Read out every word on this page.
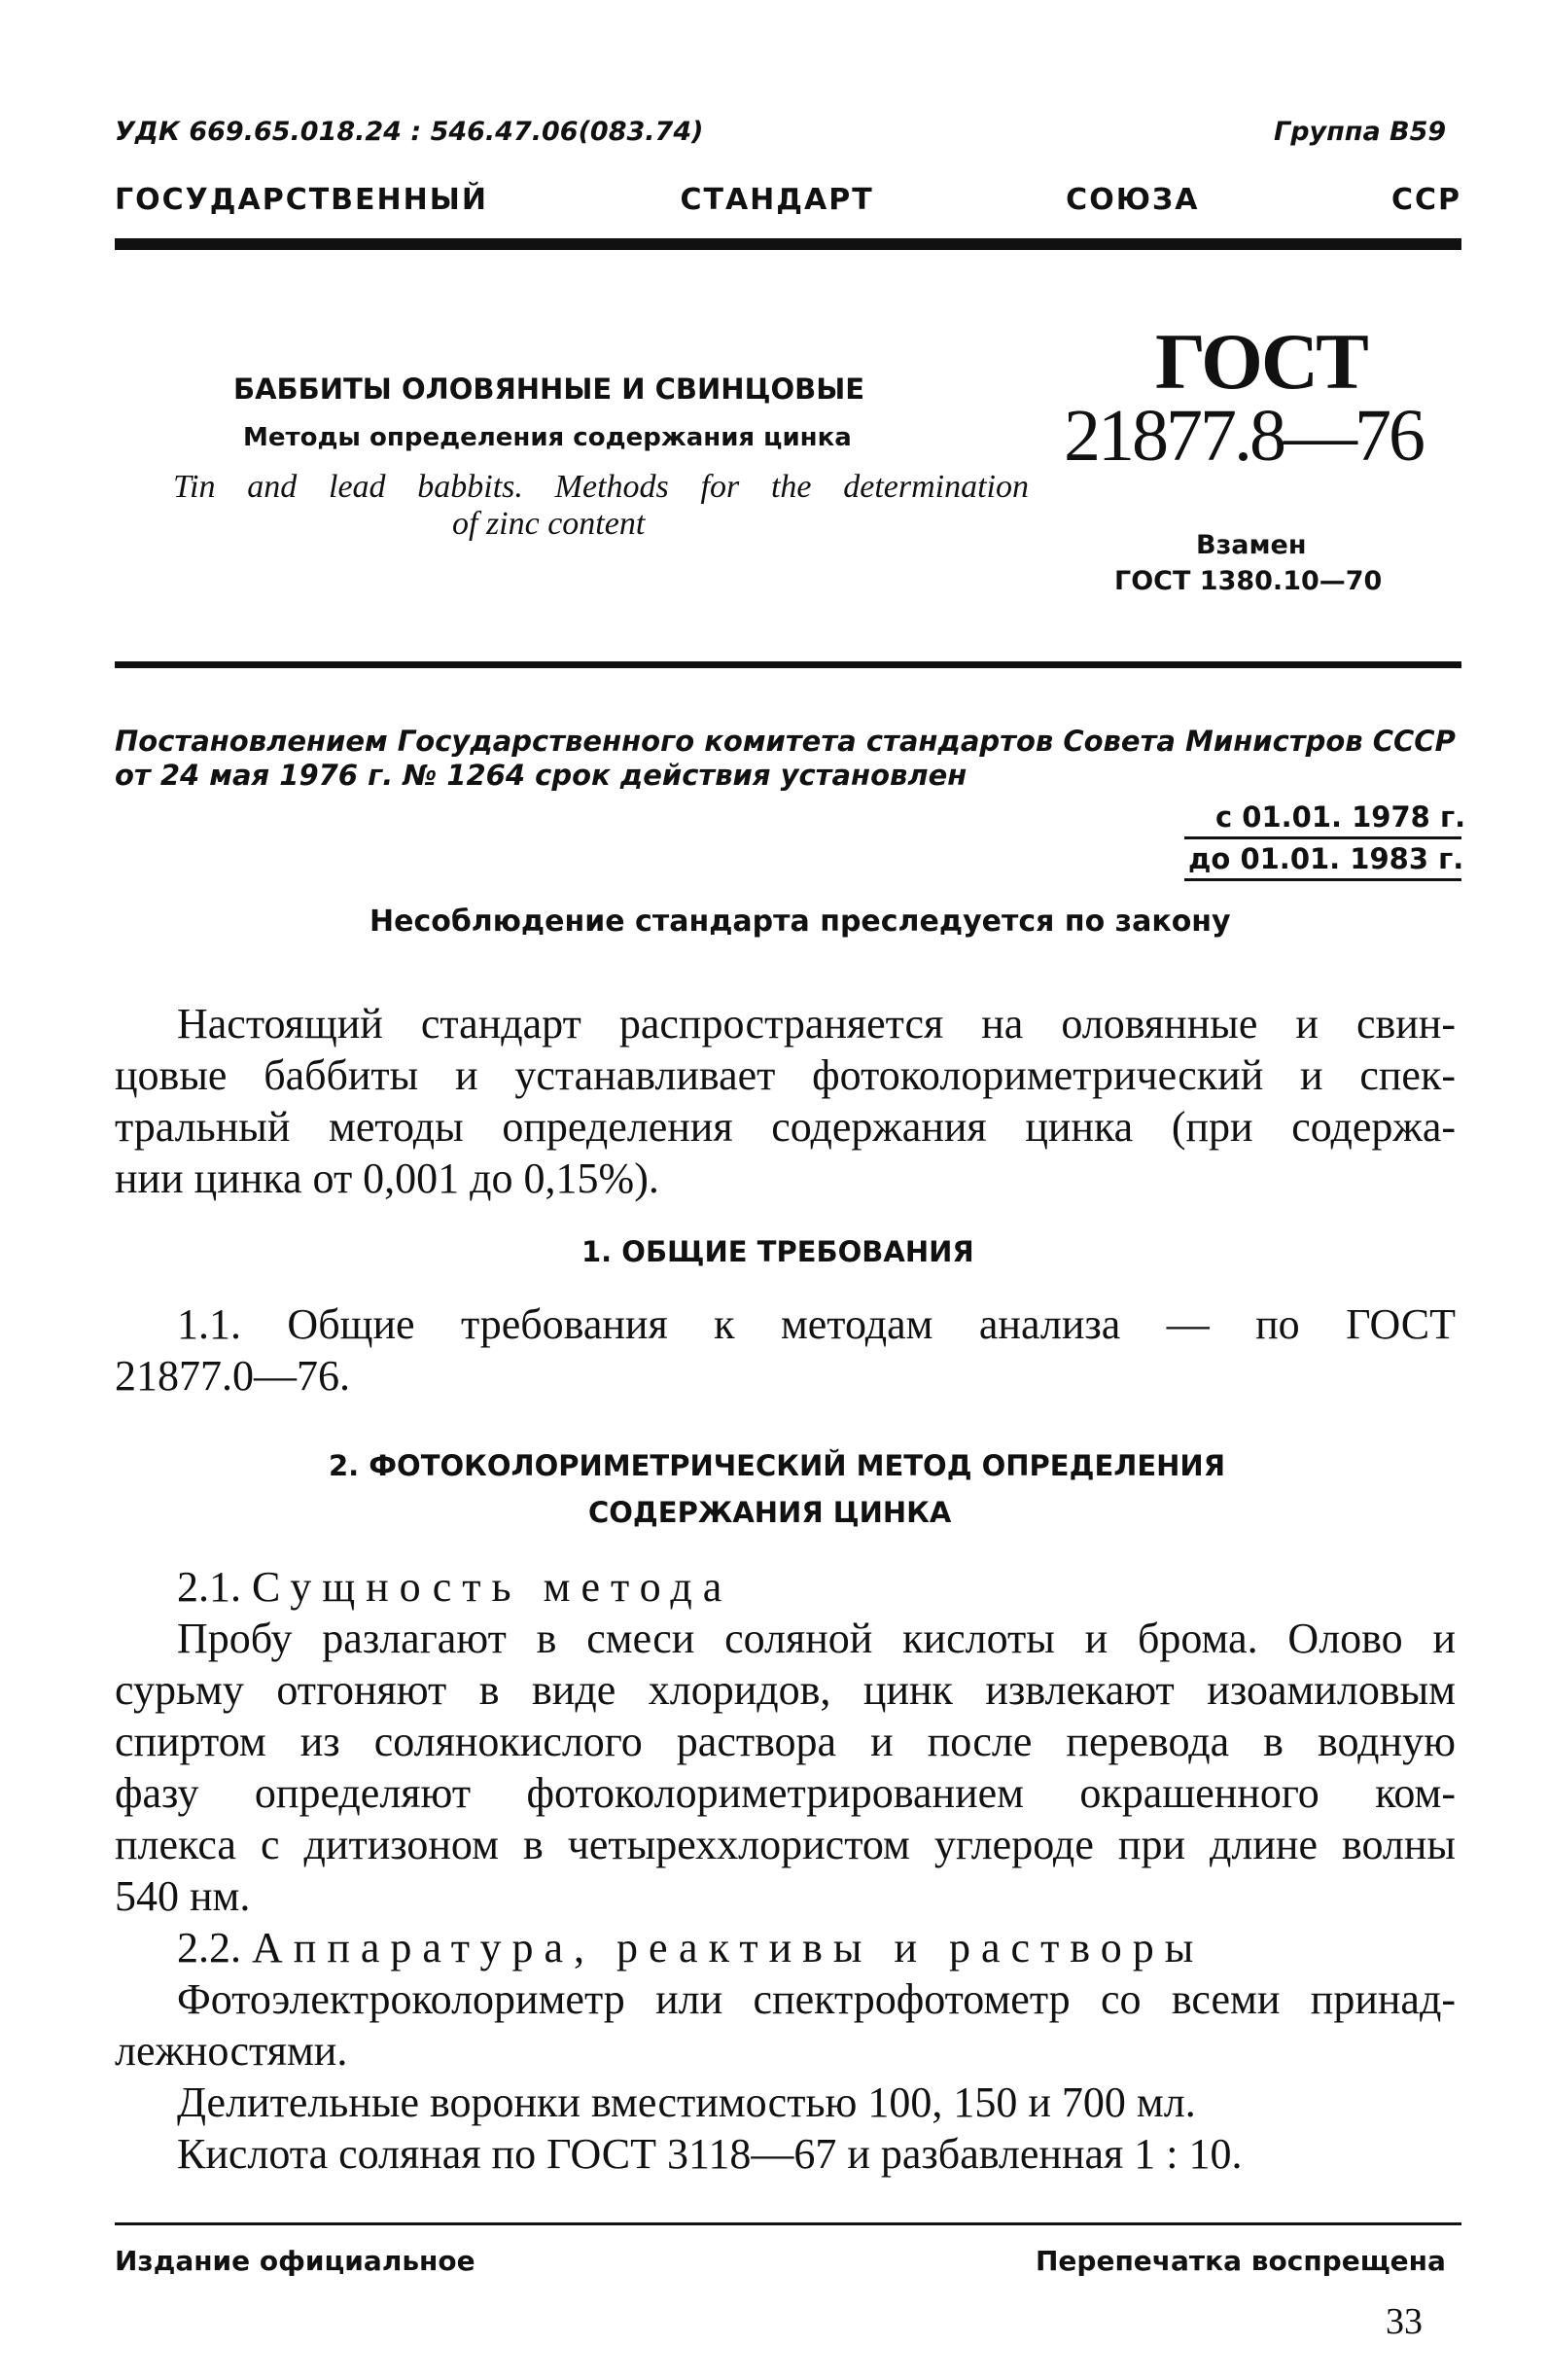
УДК 669.65.018.24 : 546.47.06(083.74)	Группа В59
ГОСУДАРСТВЕННЫЙ СТАНДАРТ СОЮЗА ССР
БАББИТЫ ОЛОВЯННЫЕ И СВИНЦОВЫЕ
Методы определения содержания цинка
Tin and lead babbits. Methods for the determination
of zinc content
ГОСТ
21877.8—76
Взамен
ГОСТ 1380.10—70
Постановлением Государственного комитета стандартов Совета Министров СССР
от 24 мая 1976 г. № 1264 срок действия установлен
с 01.01. 1978 г.
до 01.01. 1983 г.
Несоблюдение стандарта преследуется по закону
Настоящий стандарт распространяется на оловянные и свин-
цовые баббиты и устанавливает фотоколориметрический и спек-
тральный методы определения содержания цинка (при содержа-
нии цинка от 0,001 до 0,15%).
1. ОБЩИЕ ТРЕБОВАНИЯ
1.1. Общие требования к методам анализа — по ГОСТ
21877.0—76.
2. ФОТОКОЛОРИМЕТРИЧЕСКИЙ МЕТОД ОПРЕДЕЛЕНИЯ
СОДЕРЖАНИЯ ЦИНКА
2.1. Сущность метода
Пробу разлагают в смеси соляной кислоты и брома. Олово и
сурьму отгоняют в виде хлоридов, цинк извлекают изоамиловым
спиртом из солянокислого раствора и после перевода в водную
фазу определяют фотоколориметрированием окрашенного ком-
плекса с дитизоном в четыреххлористом углероде при длине волны
540 нм.
2.2. Аппаратура, реактивы и растворы
Фотоэлектроколориметр или спектрофотометр со всеми принад-
лежностями.
Делительные воронки вместимостью 100, 150 и 700 мл.
Кислота соляная по ГОСТ 3118—67 и разбавленная 1 : 10.
Издание официальное	Перепечатка воспрещена
33
